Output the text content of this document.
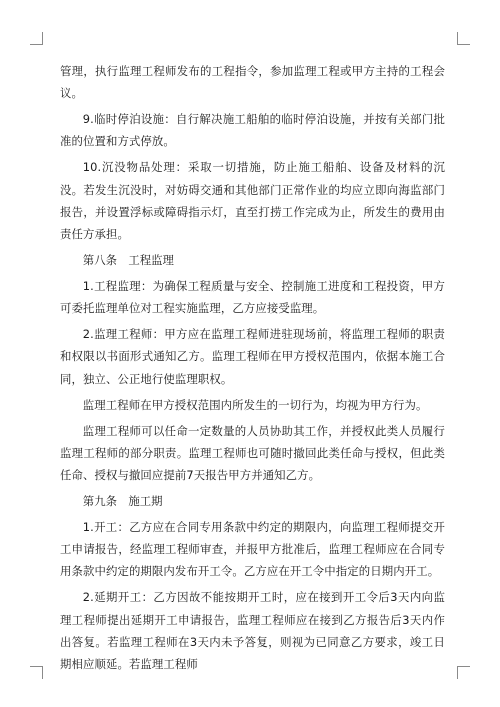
管理，执行监理工程师发布的工程指令，参加监理工程或甲方主持的工程会议。

9.临时停泊设施：自行解决施工船舶的临时停泊设施，并按有关部门批准的位置和方式停放。

10.沉没物品处理：采取一切措施，防止施工船舶、设备及材料的沉没。若发生沉没时，对妨碍交通和其他部门正常作业的均应立即向海监部门报告，并设置浮标或障碍指示灯，直至打捞工作完成为止，所发生的费用由责任方承担。

第八条　工程监理

1.工程监理：为确保工程质量与安全、控制施工进度和工程投资，甲方可委托监理单位对工程实施监理，乙方应接受监理。

2.监理工程师：甲方应在监理工程师进驻现场前，将监理工程师的职责和权限以书面形式通知乙方。监理工程师在甲方授权范围内，依据本施工合同，独立、公正地行使监理职权。

监理工程师在甲方授权范围内所发生的一切行为，均视为甲方行为。

监理工程师可以任命一定数量的人员协助其工作，并授权此类人员履行监理工程师的部分职责。监理工程师也可随时撤回此类任命与授权，但此类任命、授权与撤回应提前7天报告甲方并通知乙方。

第九条　施工期

1.开工：乙方应在合同专用条款中约定的期限内，向监理工程师提交开工申请报告，经监理工程师审查，并报甲方批准后，监理工程师应在合同专用条款中约定的期限内发布开工令。乙方应在开工令中指定的日期内开工。

2.延期开工：乙方因故不能按期开工时，应在接到开工令后3天内向监理工程师提出延期开工申请报告，监理工程师应在接到乙方报告后3天内作出答复。若监理工程师在3天内未予答复，则视为已同意乙方要求，竣工日期相应顺延。若监理工程师
